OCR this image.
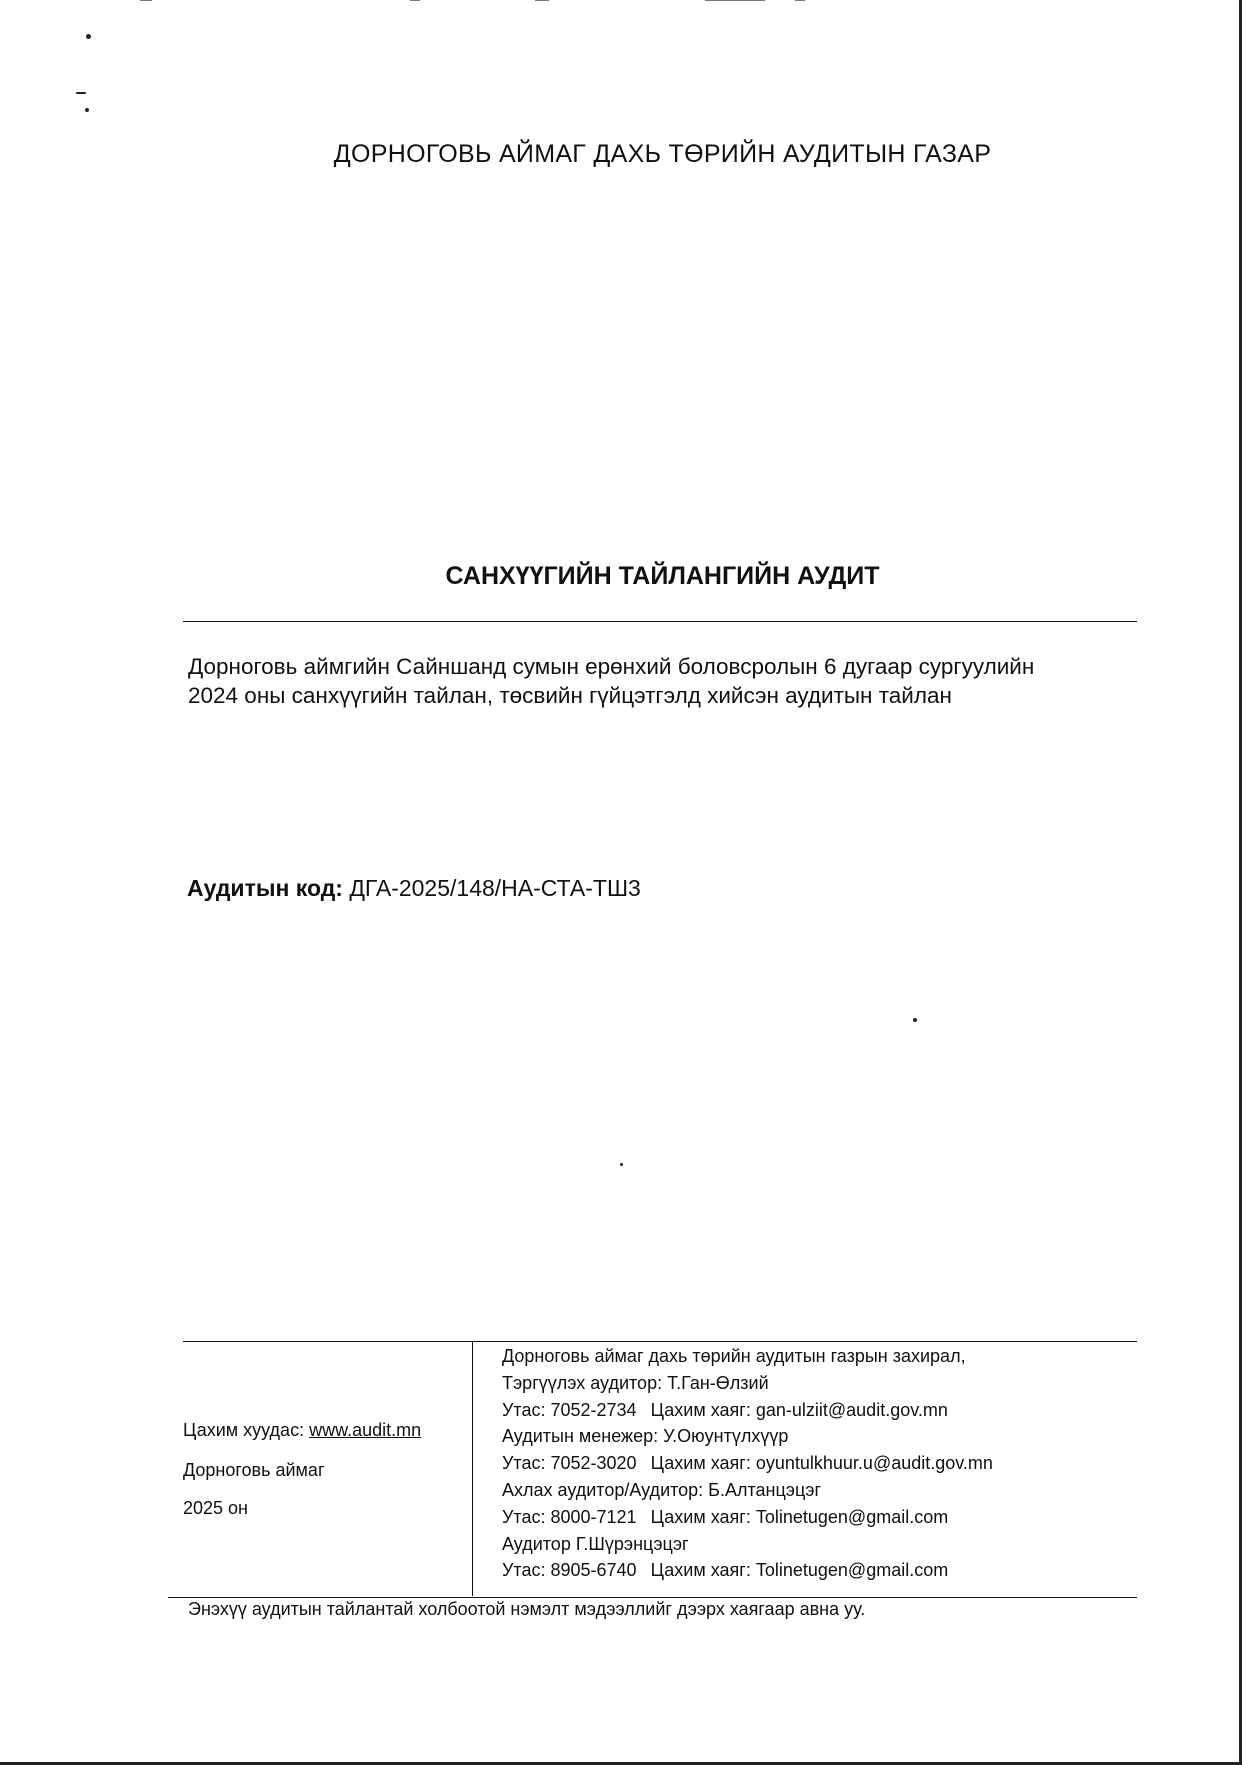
ДОРНОГОВЬ АЙМАГ ДАХЬ ТӨРИЙН АУДИТЫН ГАЗАР
САНХҮҮГИЙН ТАЙЛАНГИЙН АУДИТ
Дорноговь аймгийн Сайншанд сумын ерөнхий боловсролын 6 дугаар сургуулийн
2024 оны санхүүгийн тайлан, төсвийн гүйцэтгэлд хийсэн аудитын тайлан
Аудитын код: ДГА-2025/148/НА-СТА-ТШ3
Цахим хуудас: www.audit.mn
Дорноговь аймаг
2025 он
Дорноговь аймаг дахь төрийн аудитын газрын захирал,
Тэргүүлэх аудитор: Т.Ган-Өлзий
Утас: 7052-2734 Цахим хаяг: gan-ulziit@audit.gov.mn
Аудитын менежер: У.Оюунтүлхүүр
Утас: 7052-3020 Цахим хаяг: oyuntulkhuur.u@audit.gov.mn
Ахлах аудитор/Аудитор: Б.Алтанцэцэг
Утас: 8000-7121 Цахим хаяг: Tolinetugen@gmail.com
Аудитор Г.Шүрэнцэцэг
Утас: 8905-6740 Цахим хаяг: Tolinetugen@gmail.com
Энэхүү аудитын тайлантай холбоотой нэмэлт мэдээллийг дээрх хаягаар авна уу.
